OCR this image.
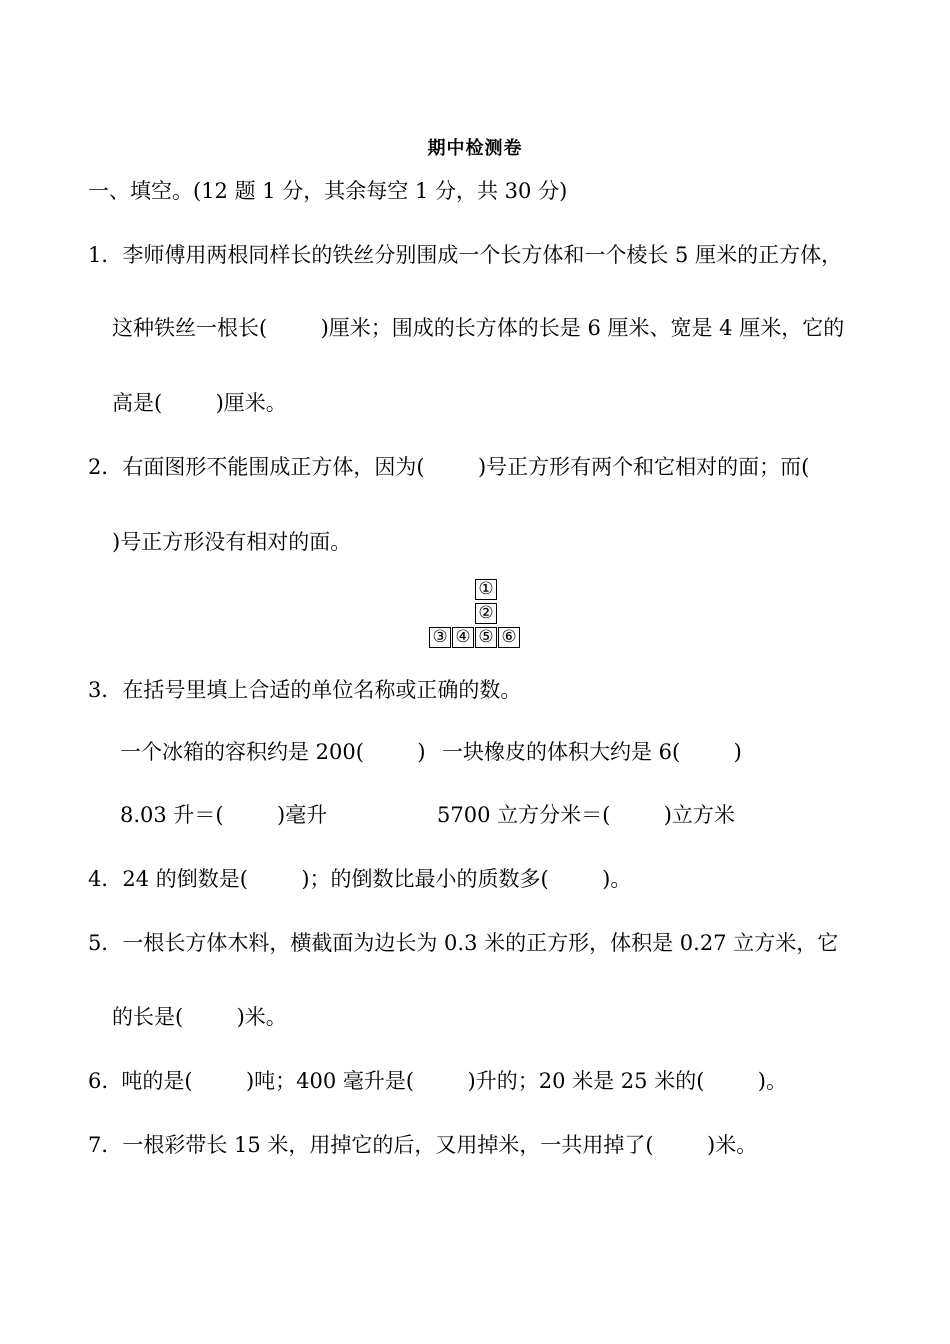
期中检测卷
一、填空。(12 题 1 分，其余每空 1 分，共 30 分)
1．李师傅用两根同样长的铁丝分别围成一个长方体和一个棱长 5 厘米的正方体，
这种铁丝一根长(        )厘米；围成的长方体的长是 6 厘米、宽是 4 厘米，它的
高是(        )厘米。
2．右面图形不能围成正方体，因为(        )号正方形有两个和它相对的面；而(
)号正方形没有相对的面。
①
②
③ ④ ⑤ ⑥
3．在括号里填上合适的单位名称或正确的数。
一个冰箱的容积约是 200(        ) 一块橡皮的体积大约是 6(        )
8.03 升＝(        )毫升	5700 立方分米＝(        )立方米
4．24 的倒数是(        )；的倒数比最小的质数多(        )。
5．一根长方体木料，横截面为边长为 0.3 米的正方形，体积是 0.27 立方米，它
的长是(        )米。
6.  吨的是(        )吨；400 毫升是(        )升的；20 米是 25 米的(        )。
7．一根彩带长 15 米，用掉它的后，又用掉米，一共用掉了(        )米。
